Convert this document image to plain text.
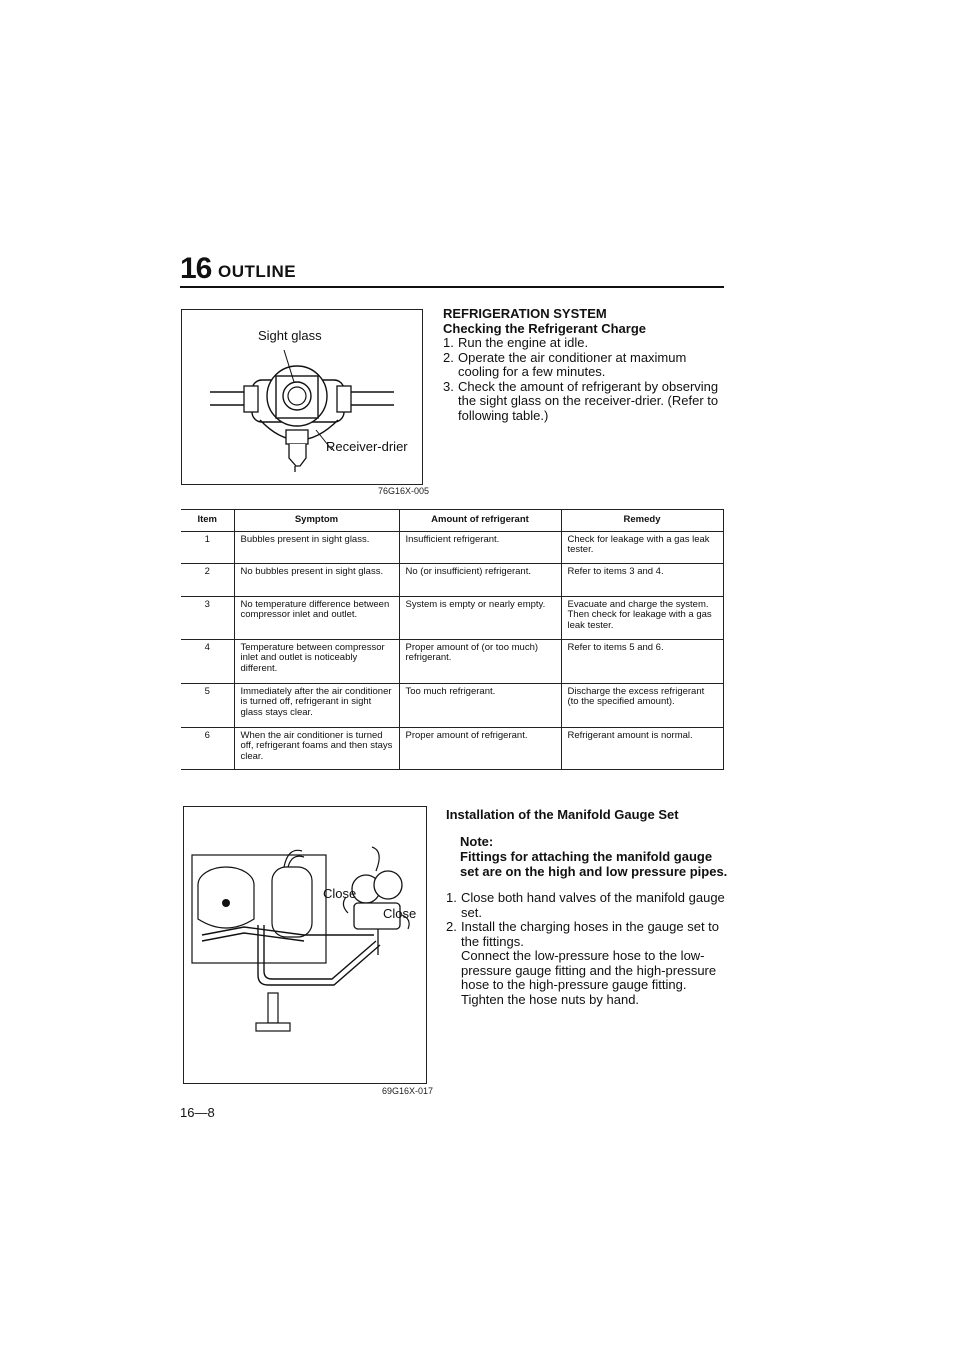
16 OUTLINE
Sight glass
Receiver-drier
76G16X-005
REFRIGERATION SYSTEM
Checking the Refrigerant Charge
1. Run the engine at idle.
2. Operate the air conditioner at maximum cooling for a few minutes.
3. Check the amount of refrigerant by observing the sight glass on the receiver-drier. (Refer to following table.)
Item	Symptom	Amount of refrigerant	Remedy
1	Bubbles present in sight glass.	Insufficient refrigerant.	Check for leakage with a gas leak tester.
2	No bubbles present in sight glass.	No (or insufficient) refrigerant.	Refer to items 3 and 4.
3	No temperature difference between compressor inlet and outlet.	System is empty or nearly empty.	Evacuate and charge the system. Then check for leakage with a gas leak tester.
4	Temperature between compressor inlet and outlet is noticeably different.	Proper amount of (or too much) refrigerant.	Refer to items 5 and 6.
5	Immediately after the air conditioner is turned off, refrigerant in sight glass stays clear.	Too much refrigerant.	Discharge the excess refrigerant (to the specified amount).
6	When the air conditioner is turned off, refrigerant foams and then stays clear.	Proper amount of refrigerant.	Refrigerant amount is normal.
Close
Close
69G16X-017
Installation of the Manifold Gauge Set
Note:
Fittings for attaching the manifold gauge set are on the high and low pressure pipes.
1. Close both hand valves of the manifold gauge set.
2. Install the charging hoses in the gauge set to the fittings.
Connect the low-pressure hose to the low-pressure gauge fitting and the high-pressure hose to the high-pressure gauge fitting.
Tighten the hose nuts by hand.
16—8
